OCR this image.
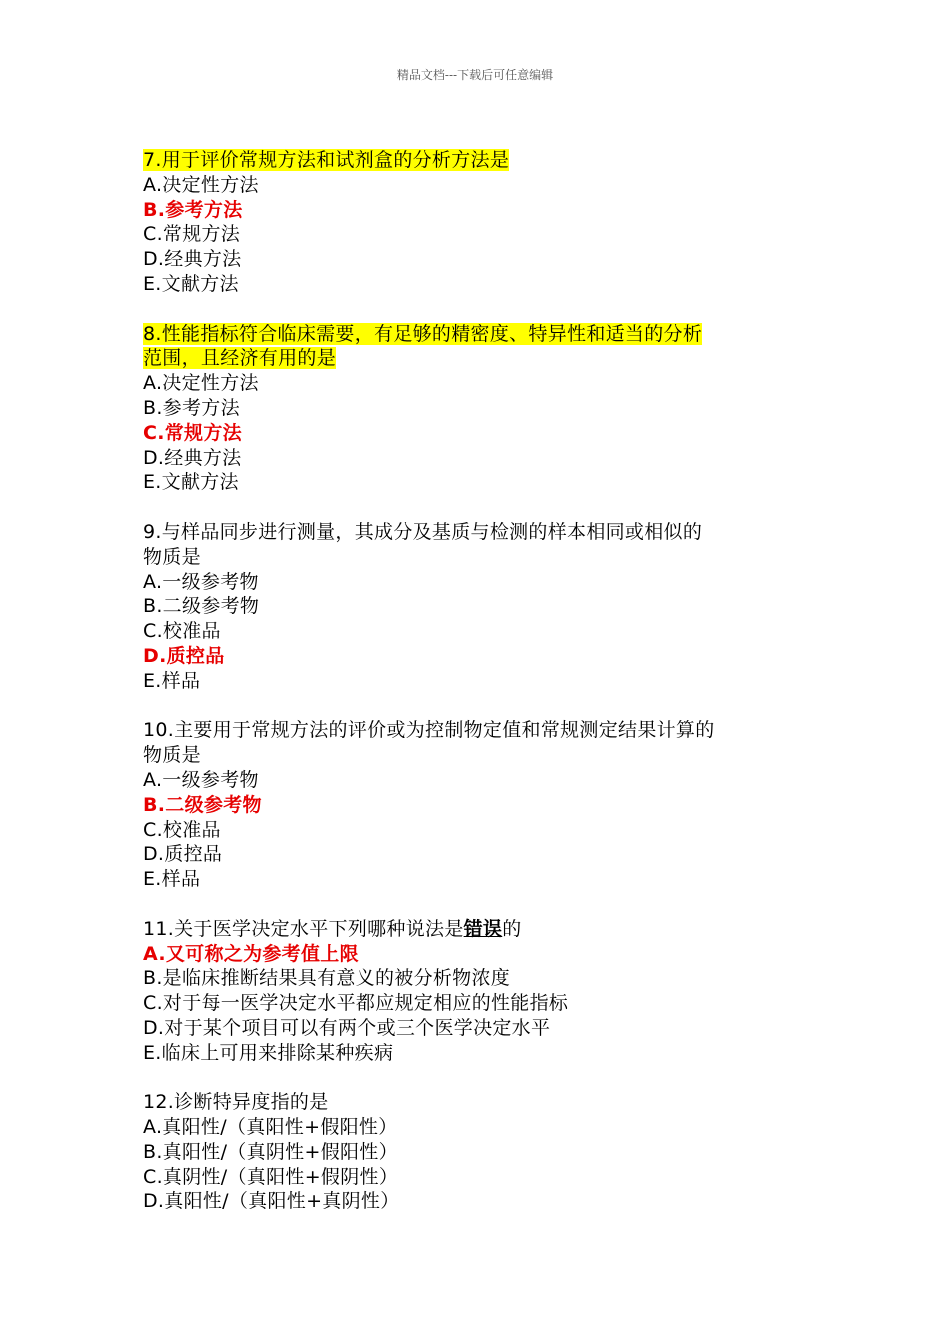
精品文档---下载后可任意编辑
7.用于评价常规方法和试剂盒的分析方法是
A.决定性方法
B.参考方法
C.常规方法
D.经典方法
E.文献方法
8.性能指标符合临床需要，有足够的精密度、特异性和适当的分析
范围，且经济有用的是
A.决定性方法
B.参考方法
C.常规方法
D.经典方法
E.文献方法
9.与样品同步进行测量，其成分及基质与检测的样本相同或相似的
物质是
A.一级参考物
B.二级参考物
C.校准品
D.质控品
E.样品
10.主要用于常规方法的评价或为控制物定值和常规测定结果计算的
物质是
A.一级参考物
B.二级参考物
C.校准品
D.质控品
E.样品
11.关于医学决定水平下列哪种说法是错误的
A.又可称之为参考值上限
B.是临床推断结果具有意义的被分析物浓度
C.对于每一医学决定水平都应规定相应的性能指标
D.对于某个项目可以有两个或三个医学决定水平
E.临床上可用来排除某种疾病
12.诊断特异度指的是
A.真阳性/（真阳性+假阳性）
B.真阳性/（真阴性+假阳性）
C.真阴性/（真阳性+假阴性）
D.真阳性/（真阳性+真阴性）
